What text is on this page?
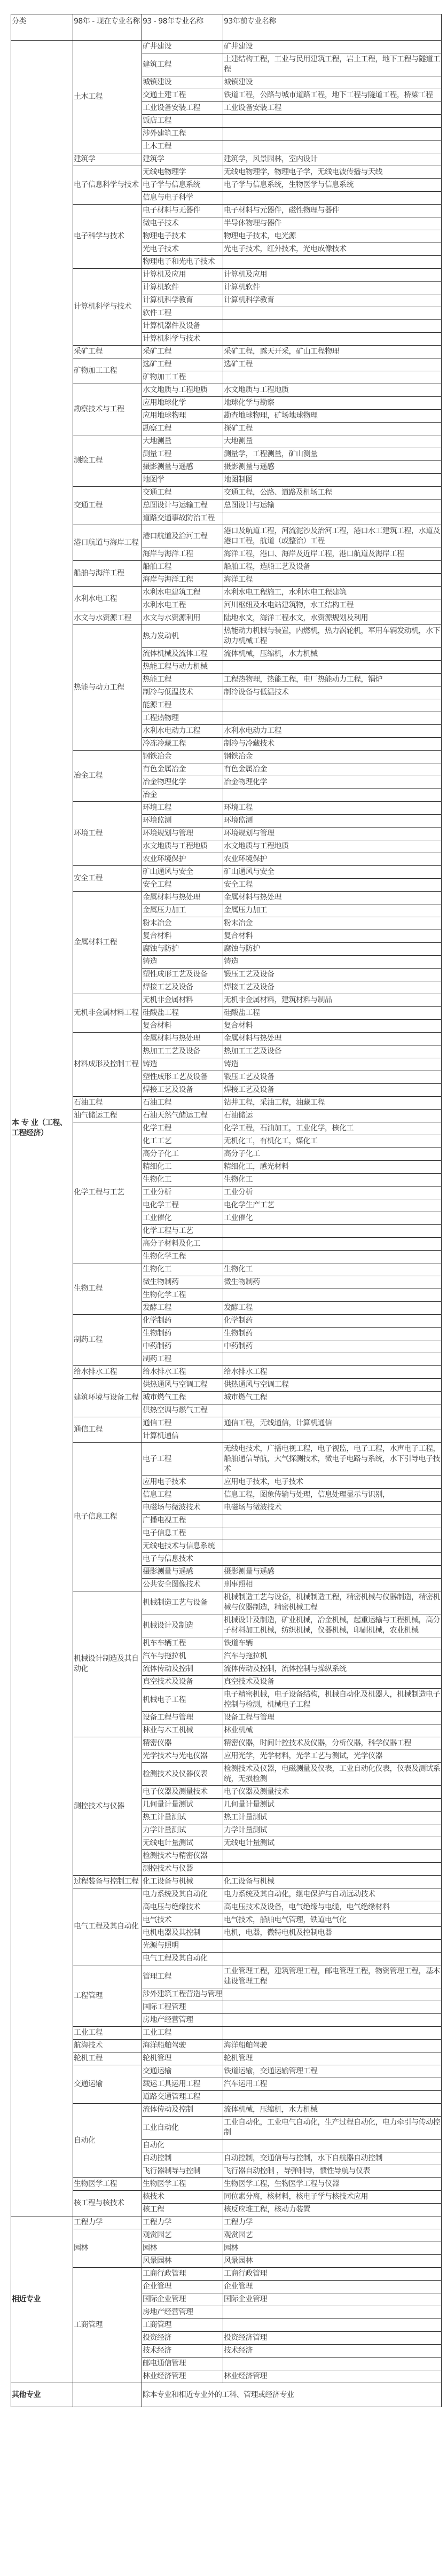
分类	98年 - 现在专业名称	93 - 98年专业名称	93年前专业名称
本 专 业（工程、工程经济）	土木工程	矿井建设	矿井建设
		建筑工程	土建结构工程，工业与民用建筑工程，岩土工程，地下工程与隧道工程
		城镇建设	城镇建设
		交通土建工程	铁道工程，公路与城市道路工程，地下工程与隧道工程，桥梁工程
		工业设备安装工程	工业设备安装工程
		饭店工程	
		涉外建筑工程	
		土木工程	
	建筑学	建筑学	建筑学，风景园林，室内设计
	电子信息科学与技术	无线电物理学	无线电物理学，物理电子学，无线电波传播与天线
		电子学与信息系统	电子学与信息系统，生物医学与信息系统
		信息与电子科学	
	电子科学与技术	电子材料与无器件	电子材料与元器件，磁性物理与器件
		微电子技术	半导体物理与器件
		物理电子技术	物理电子技术，电光源
		光电子技术	光电子技术，红外技术，光电成像技术
		物理电子和光电子技术	
	计算机科学与技术	计算机及应用	计算机及应用
		计算机软件	计算机软件
		计算机科学教育	计算机科学教育
		软件工程	
		计算机器件及设备	
		计算机科学与技术	
	采矿工程	采矿工程	采矿工程，露天开采，矿山工程物理
	矿物加工工程	选矿工程	选矿工程
		矿物加工工程	
	勘察技术与工程	水文地质与工程地质	水文地质与工程地质
		应用地球化学	地球化学与勘察
		应用地球物理	勘查地球物理，矿场地球物理
		勘察工程	探矿工程
	测绘工程	大地测量	大地测量
		测量工程	测量学，工程测量，矿山测量
		摄影测量与遥感	摄影测量与遥感
		地图学	地图制图
	交通工程	交通工程	交通工程，公路、道路及机场工程
		总图设计与运输工程	总图设计与运输
		道路交通事故防治工程	
	港口航道与海岸工程	港口航道及治河工程	港口及航道工程，河流泥沙及治河工程，港口水工建筑工程，水道及港口工程，航道（或整治）工程
		海岸与海洋工程	海洋工程，港口、海岸及近岸工程，港口航道及海岸工程
	船舶与海洋工程	船舶工程	船舶工程，造船工艺及设备
		海岸与海洋工程	海洋工程
	水利水电工程	水利水电建筑工程	水利水电工程施工，水利水电工程建筑
		水利水电工程	河川枢纽及水电站建筑物，水工结构工程
	水文与水资源工程	水文与水资源利用	陆地水文，海洋工程水文，水资源规划及利用
	热能与动力工程	热力发动机	热能动力机械与装置，内燃机，热力涡轮机，军用车辆发动机，水下动力机械工程
		流体机械及流体工程	流体机械，压缩机，水力机械
		热能工程与动力机械	
		热能工程	工程热物理，热能工程，电厂热能动力工程，锅炉
		制冷与低温技术	制冷设备与低温技术
		能源工程	
		工程热物理	
		水利水电动力工程	水利水电动力工程
		冷冻冷藏工程	制冷与冷藏技术
	冶金工程	钢铁冶金	钢铁冶金
		有色金属冶金	有色金属冶金
		冶金物理化学	冶金物理化学
		冶金	
	环境工程	环境工程	环境工程
		环境监测	环境监测
		环境规划与管理	环境规划与管理
		水文地质与工程地质	水文地质与工程地质
		农业环境保护	农业环境保护
	安全工程	矿山通风与安全	矿山通风与安全
		安全工程	安全工程
	金属材料工程	金属材料与热处理	金属材料与热处理
		金属压力加工	金属压力加工
		粉末冶金	粉末冶金
		复合材料	复合材料
		腐蚀与防护	腐蚀与防护
		铸造	铸造
		塑性成形工艺及设备	锻压工艺及设备
		焊接工艺及设备	焊接工艺及设备
	无机非金属材料工程	无机非金属材料	无机非金属材料，建筑材料与制品
		硅酸盐工程	硅酸盐工程
		复合材料	复合材料
	材料成形及控制工程	金属材料与热处理	金属材料与热处理
		热加工工艺及设备	热加工工艺及设备
		铸造	铸造
		塑性成形工艺及设备	锻压工艺及设备
		焊接工艺及设备	焊接工艺及设备
	石油工程	石油工程	钻井工程，采油工程，油藏工程
	油气储运工程	石油天然气储运工程	石油储运
	化学工程与工艺	化学工程	化学工程，石油加工，工业化学，核化工
		化工工艺	无机化工，有机化工，煤化工
		高分子化工	高分子化工
		精细化工	精细化工，感光材料
		生物化工	生物化工
		工业分析	工业分析
		电化学工程	电化学生产工艺
		工业催化	工业催化
		化学工程与工艺	
		高分子材料及化工	
		生物化学工程	
	生物工程	生物化工	生物化工
		微生物制药	微生物制药
		生物化学工程	
		发酵工程	发酵工程
	制药工程	化学制药	化学制药
		生物制药	生物制药
		中药制药	中药制药
		制药工程	
	给水排水工程	给水排水工程	给水排水工程
	建筑环境与设备工程	供热通风与空调工程	供热通风与空调工程
		城市燃气工程	城市燃气工程
		供热空调与燃气工程	
	通信工程	通信工程	通信工程，无线通信，计算机通信
		计算机通信	
	电子信息工程	电子工程	无线电技术，广播电视工程，电子视监，电子工程，水声电子工程，船舶通信导航，大气探测技术，微电子电路与系统，水下引导电子技术
		应用电子技术	应用电子技术，电子技术
		信息工程	信息工程，图象传输与处理，信息处理显示与识别，
		电磁场与微波技术	电磁场与微波技术
		广播电视工程	
		电子信息工程	
		无线电技术与信息系统	
		电子与信息技术	
		摄影测量与遥感	摄影测量与遥感
		公共安全图像技术	刑事照相
	机械设计制造及其自动化	机械制造工艺与设备	机械制造工艺与设备，机械制造工程，精密机械与仪器制造，精密机械与仪器制造，精密机械工程
		机械设计及制造	机械设计及制造，矿业机械，冶金机械，起重运输与工程机械，高分子材料加工机械，纺织机械，仪器机械，印刷机械，农业机械
		机车车辆工程	铁道车辆
		汽车与拖拉机	汽车与拖拉机
		流体传动及控制	流体传动及控制，流体控制与操纵系统
		真空技术及设备	真空技术及设备
		机械电子工程	电子精密机械，电子设备结构，机械自动化及机器人，机械制造电子控制与检测，机械电子工程
		设备工程与管理	设备工程与管理
		林业与木工机械	林业机械
	测控技术与仪器	精密仪器	精密仪器，时间计控技术及仪器，分析仪器，科学仪器工程
		光学技术与光电仪器	应用光学，光学材料，光学工艺与测试，光学仪器
		检测技术及仪器仪表	检测技术及仪器，电磁测量及仪表，工业自动化仪表，仪表及测试系统，无损检测
		电子仪器及测量技术	电子仪器及测量技术
		几何量计量测试	几何量计量测试
		热工计量测试	热工计量测试
		力学计量测试	力学计量测试
		无线电计量测试	无线电计量测试
		检测技术与精密仪器	
		测控技术与仪器	
	过程装备与控制工程	化工设备与机械	化工设备与机械
	电气工程及其自动化	电力系统及其自动化	电力系统及其自动化，继电保护与自动远动技术
		高电压与绝缘技术	高电压技术及设备，电气绝缘与电缆，电气绝缘材料
		电气技术	电气技术，船舶电气管理，铁道电气化
		电机电器及其控制	电机，电器，微特电机及控制电器
		光源与照明	
		电气工程及其自动化	
	工程管理	管理工程	工业管理工程，建筑管理工程，邮电管理工程，物资管理工程，基本建设管理工程
		涉外建筑工程营造与管理	
		国际工程管理	
		房地产经营管理	
	工业工程	工业工程	
	航海技术	海洋船舶驾驶	海洋船舶驾驶
	轮机工程	轮机管理	轮机管理
	交通运输	交通运输	铁道运输，交通运输管理工程
		载运工具运用工程	汽车运用工程
		道路交通管理工程	
	自动化	流体传动及控制	流体机械，压缩机，水力机械
		工业自动化	工业自动化，工业电气自动化，生产过程自动化，电力牵引与传动控制
		自动化	
		自动控制	自动控制，交通信号与控制，水下自航器自动控制
		飞行器制导与控制	飞行器自动控制 ，导弹制导，惯性导航与仪表
	生物医学工程	生物医学工程	生物医学工程，生物医学工程与仪器
	核工程与核技术	核技术	同位素分离，核材料，核电子学与核技术应用
		核工程	核反应堆工程，核动力装置
相近专业	工程力学	工程力学	工程力学
	园林	观赏园艺	观赏园艺
		园林	园林
		风景园林	风景园林
	工商管理	工商行政管理	工商行政管理
		企业管理	企业管理
		国际企业管理	国际企业管理
		房地产经营管理	
		工商管理	
		投资经济	投资经济管理
		技术经济	技术经济
		邮电通信管理	
		林业经济管理	林业经济管理
其他专业		除本专业和相近专业外的工科、管理或经济专业	
